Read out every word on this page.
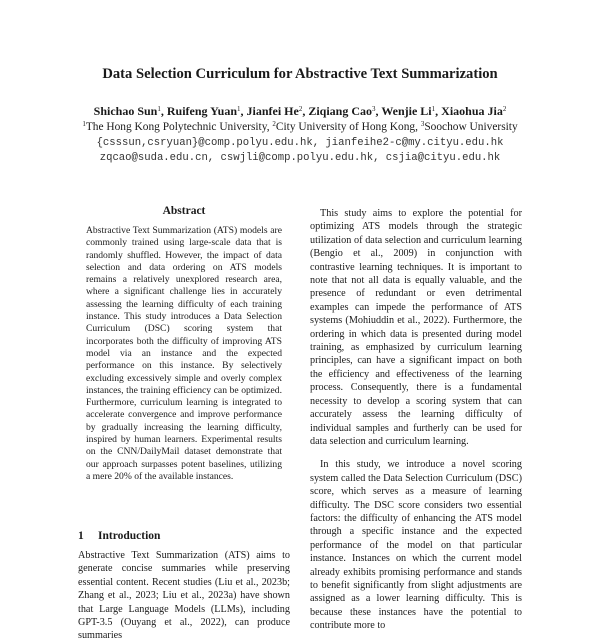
Data Selection Curriculum for Abstractive Text Summarization
Shichao Sun$^1$, Ruifeng Yuan$^1$, Jianfei He$^2$, Ziqiang Cao$^3$, Wenjie Li$^1$, Xiaohua Jia$^2$
$^1$The Hong Kong Polytechnic University, $^2$City University of Hong Kong, $^3$Soochow University
{csssun,csryuan}@comp.polyu.edu.hk, jianfeihe2-c@my.cityu.edu.hk
zqcao@suda.edu.cn, cswjli@comp.polyu.edu.hk, csjia@cityu.edu.hk
Abstract
Abstractive Text Summarization (ATS) models are commonly trained using large-scale data that is randomly shuffled. However, the impact of data selection and data ordering on ATS models remains a relatively unexplored research area, where a significant challenge lies in accurately assessing the learning difficulty of each training instance. This study introduces a Data Selection Curriculum (DSC) scoring system that incorporates both the difficulty of improving ATS model via an instance and the expected performance on this instance. By selectively excluding excessively simple and overly complex instances, the training efficiency can be optimized. Furthermore, curriculum learning is integrated to accelerate convergence and improve performance by gradually increasing the learning difficulty, inspired by human learners. Experimental results on the CNN/DailyMail dataset demonstrate that our approach surpasses potent baselines, utilizing a mere 20% of the available instances.
1 Introduction
Abstractive Text Summarization (ATS) aims to generate concise summaries while preserving essential content. Recent studies (Liu et al., 2023b; Zhang et al., 2023; Liu et al., 2023a) have shown that Large Language Models (LLMs), including GPT-3.5 (Ouyang et al., 2022), can produce summaries

This study aims to explore the potential for optimizing ATS models through the strategic utilization of data selection and curriculum learning (Bengio et al., 2009) in conjunction with contrastive learning techniques. It is important to note that not all data is equally valuable, and the presence of redundant or even detrimental examples can impede the performance of ATS systems (Mohiuddin et al., 2022). Furthermore, the ordering in which data is presented during model training, as emphasized by curriculum learning principles, can have a significant impact on both the efficiency and effectiveness of the learning process. Consequently, there is a fundamental necessity to develop a scoring system that can accurately assess the learning difficulty of individual samples and furtherly can be used for data selection and curriculum learning.

In this study, we introduce a novel scoring system called the Data Selection Curriculum (DSC) score, which serves as a measure of learning difficulty. The DSC score considers two essential factors: the difficulty of enhancing the ATS model through a specific instance and the expected performance of the model on that particular instance. Instances on which the current model already exhibits promising performance and stands to benefit significantly from slight adjustments are assigned as a lower learning difficulty. This is because these instances have the potential to contribute more to
